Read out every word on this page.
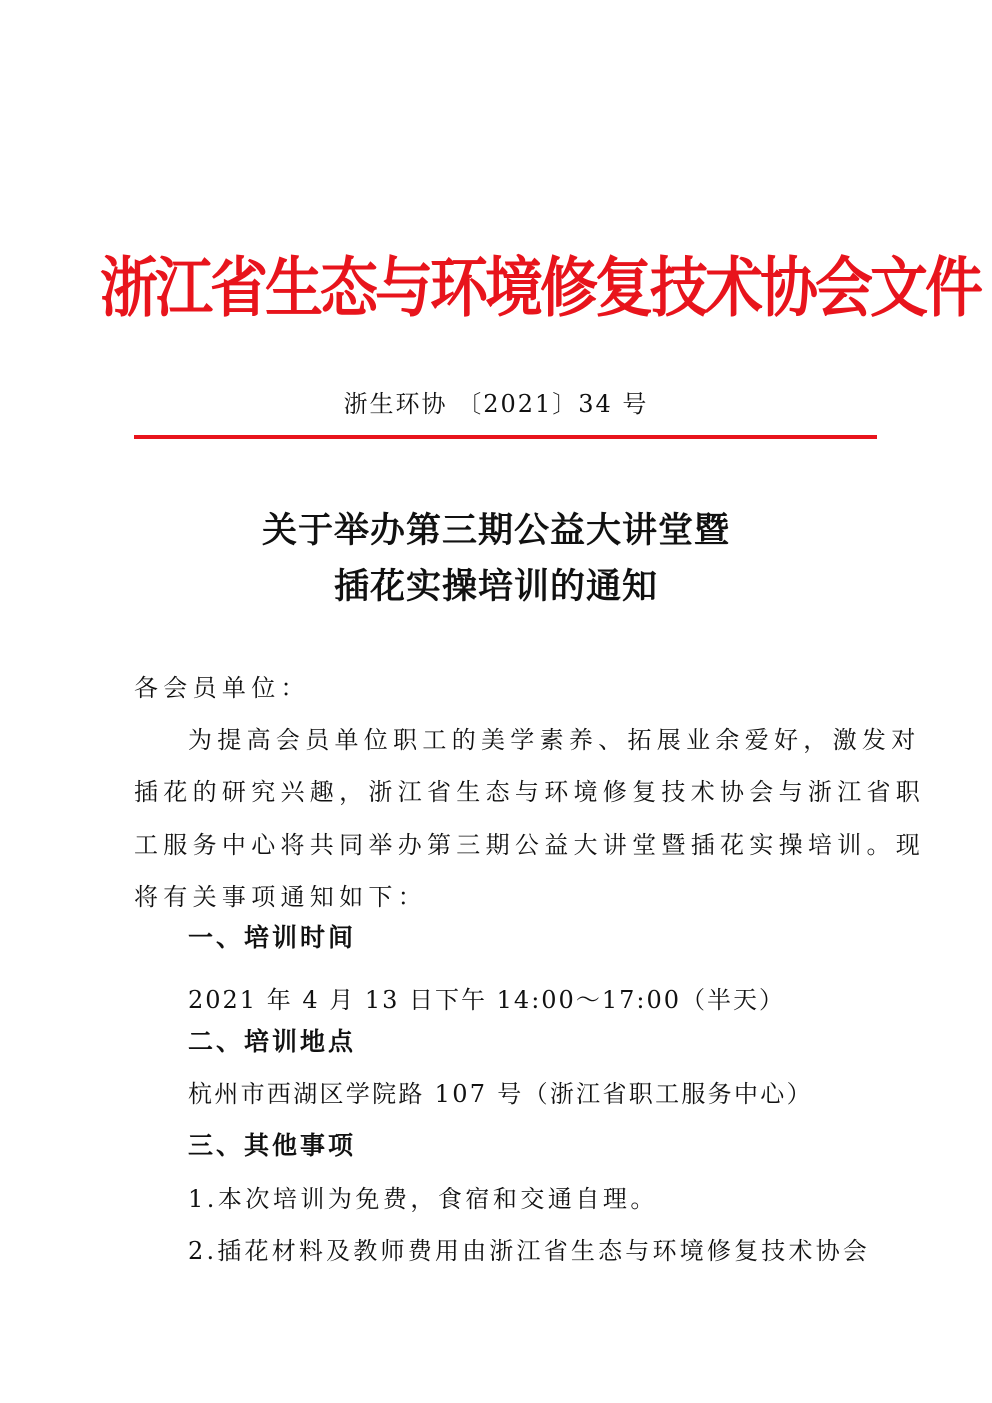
浙江省生态与环境修复技术协会文件
浙生环协 〔2021〕34 号
关于举办第三期公益大讲堂暨
插花实操培训的通知
各会员单位：
为提高会员单位职工的美学素养、拓展业余爱好，激发对
插花的研究兴趣，浙江省生态与环境修复技术协会与浙江省职
工服务中心将共同举办第三期公益大讲堂暨插花实操培训。现
将有关事项通知如下：
一、培训时间
2021 年 4 月 13 日下午 14:00～17:00（半天）
二、培训地点
杭州市西湖区学院路 107 号（浙江省职工服务中心）
三、其他事项
1.本次培训为免费，食宿和交通自理。
2.插花材料及教师费用由浙江省生态与环境修复技术协会
